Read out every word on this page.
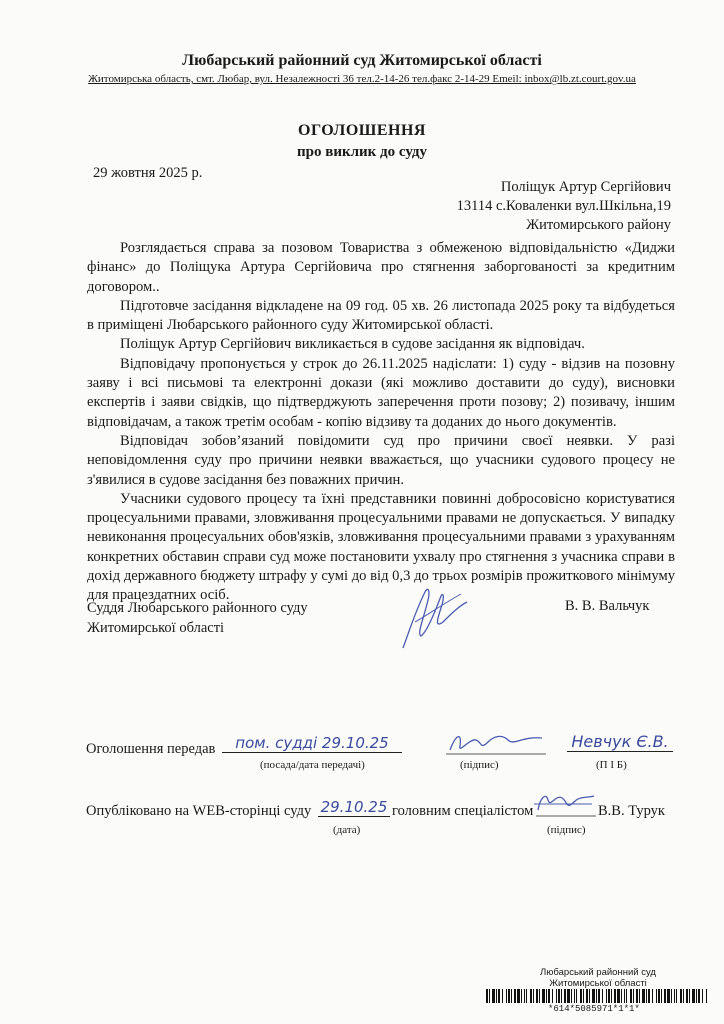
Любарський районний суд Житомирської області
Житомирська область, смт. Любар, вул. Незалежності 36 тел.2-14-26 тел.факс 2-14-29 Emeil: inbox@lb.zt.court.gov.ua
ОГОЛОШЕННЯ
про виклик до суду
29 жовтня 2025 р.
Поліщук Артур Сергійович
13114 с.Коваленки вул.Шкільна,19
Житомирського району

Розглядається справа за позовом Товариства з обмеженою відповідальністю «Диджи фінанс» до Поліщука Артура Сергійовича про стягнення заборгованості за кредитним договором..

Підготовче засідання відкладене на 09 год. 05 хв. 26 листопада 2025 року та відбудеться в приміщені Любарського районного суду Житомирської області.

Поліщук Артур Сергійович викликається в судове засідання як відповідач.

Відповідачу пропонується у строк до 26.11.2025 надіслати: 1) суду - відзив на позовну заяву і всі письмові та електронні докази (які можливо доставити до суду), висновки експертів і заяви свідків, що підтверджують заперечення проти позову; 2) позивачу, іншим відповідачам, а також третім особам - копію відзиву та доданих до нього документів.

Відповідач зобов’язаний повідомити суд про причини своєї неявки. У разі неповідомлення суду про причини неявки вважається, що учасники судового процесу не з'явилися в судове засідання без поважних причин.

Учасники судового процесу та їхні представники повинні добросовісно користуватися процесуальними правами, зловживання процесуальними правами не допускається. У випадку невиконання процесуальних обов'язків, зловживання процесуальними правами з урахуванням конкретних обставин справи суд може постановити ухвалу про стягнення з учасника справи в дохід державного бюджету штрафу у сумі до від 0,3 до трьох розмірів прожиткового мінімуму для працездатних осіб.

Суддя Любарського районного суду
Житомирської області
В. В. Вальчук
Оголошення передав	пом. судді 29.10.25
(посада/дата передачі)	(підпис)
Невчук Є.В.
(П І Б)
Опубліковано на WEB-сторінці суду 29.10.25 головним спеціалістом	В.В. Турук
(дата)	(підпис)
Любарський районний суд
Житомирської області
*614*5085971*1*1*
